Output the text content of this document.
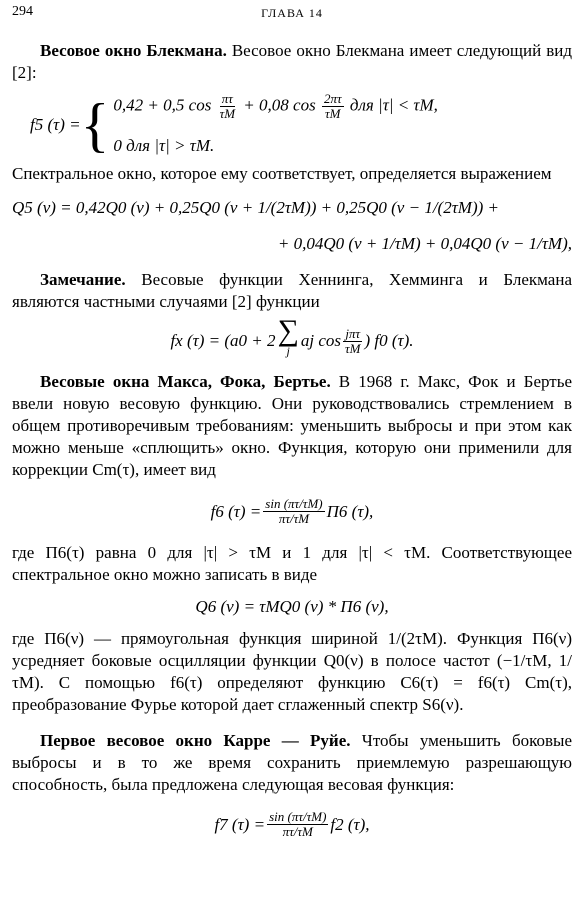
294	ГЛАВА 14

Весовое окно Блекмана. Весовое окно Блекмана имеет следующий вид [2]:

f5 (τ) = { 0,42 + 0,5 $\cos \frac{\pi\tau}{\tau M} + 0,08$ $\cos \frac{2\pi\tau}{\tau M}$ для |τ| < τM,
0 для |τ| > τM.

Спектральное окно, которое ему соответствует, определяется выражением

Q5 (ν) = 0,42Q0 (ν) + 0,25Q0 (ν + 1/(2τM)) + 0,25Q0 (ν − 1/(2τM)) +
+ 0,04Q0 (ν + 1/τM) + 0,04Q0 (ν − 1/τM),

Замечание. Весовые функции Хеннинга, Хемминга и Блекмана являются частными случаями [2] функции

fx (τ) = (a0 + 2 ∑
j
aj $\cos \frac{\text{jπτ}}{\tau M}$ ) f0 (τ).

Весовые окна Макса, Фока, Бертье. В 1968 г. Макс, Фок и Бертье ввели новую весовую функцию. Они руководствовались стремлением в общем противоречивым требованиям: уменьшить выбросы и при этом как можно меньше «сплющить» окно. Функция, которую они применили для коррекции Cm(τ), имеет вид

f6 $(\tau) = \frac{\sin (\pi\tau/\tau M)}{\pi\tau/\tau M} \Pi 6$ (τ),

где Π6(τ) равна 0 для |τ| > τM и 1 для |τ| < τM. Соответствующее спектральное окно можно записать в виде

Q6 (ν) = τMQ0 (ν) * Π6 (ν),

где Π6(ν) — прямоугольная функция шириной 1/(2τM). Функция Π6(ν) усредняет боковые осцилляции функции Q0(ν) в полосе частот (−1/τM, 1/τM). С помощью f6(τ) определяют функцию C6(τ) = f6(τ) Cm(τ), преобразование Фурье которой дает сглаженный спектр S6(ν).

Первое весовое окно Карре — Руйе. Чтобы уменьшить боковые выбросы и в то же время сохранить приемлемую разрешающую способность, была предложена следующая весовая функция:

f7 $(\tau) = \frac{\sin (\pi\tau/\tau M)}{\pi\tau/\tau M} f2$ (τ),
